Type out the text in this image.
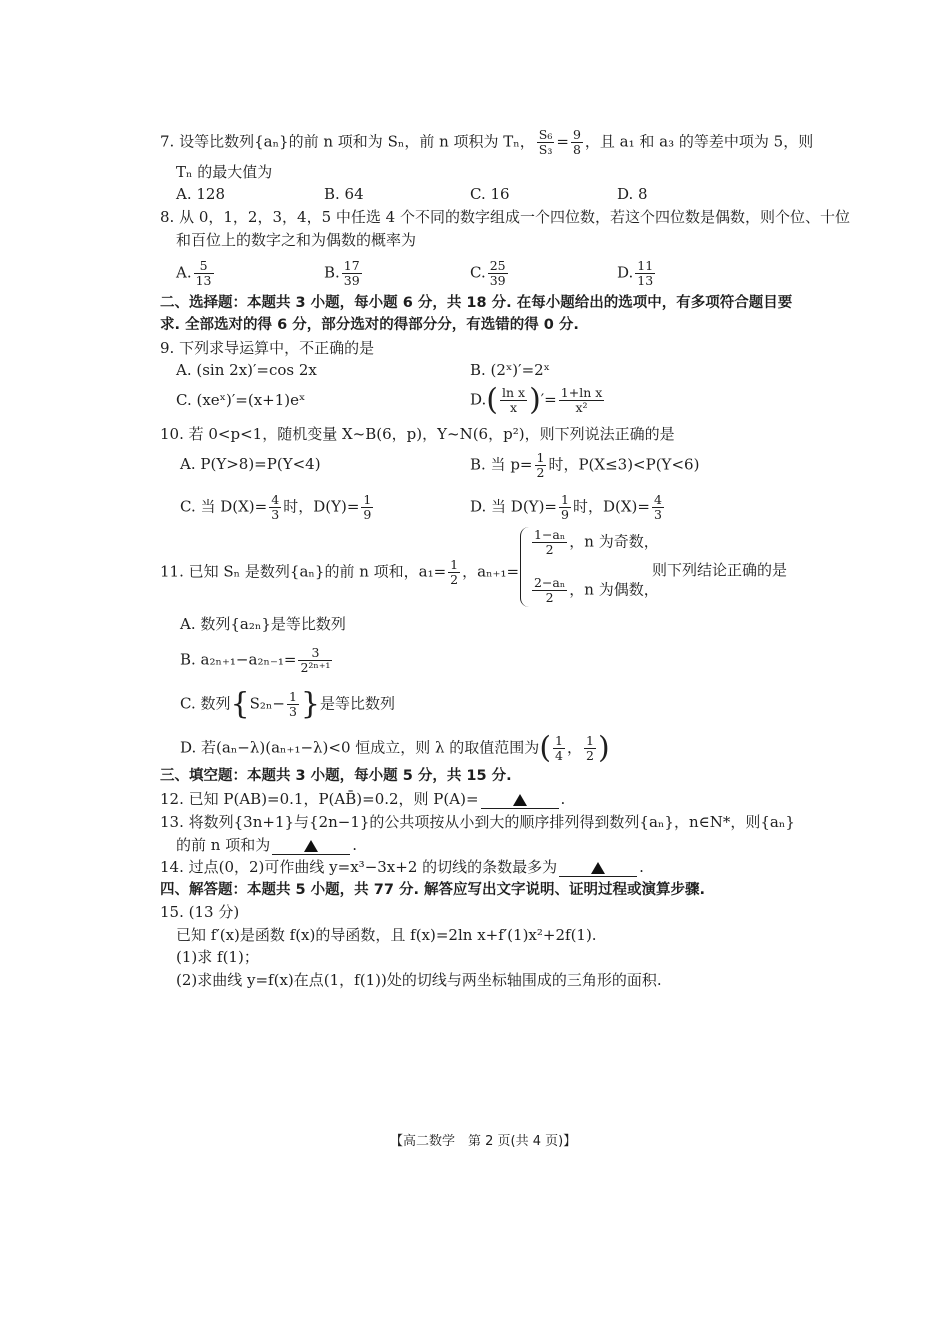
7. 设等比数列{aₙ}的前 n 项和为 Sₙ，前 n 项积为 Tₙ， $\frac{\text{S₆}}{\text{S₃}} = \frac{9}{8}$ ，且 a₁ 和 a₃ 的等差中项为 5，则
Tₙ 的最大值为
A. 128	B. 64	C. 16	D. 8
8. 从 0，1，2，3，4，5 中任选 4 个不同的数字组成一个四位数，若这个四位数是偶数，则个位、十位
和百位上的数字之和为偶数的概率为
A. $\frac{5}{13}$	B. $\frac{17}{39}$	C. $\frac{25}{39}$	D. $\frac{11}{13}$
二、选择题：本题共 3 小题，每小题 6 分，共 18 分. 在每小题给出的选项中，有多项符合题目要
求. 全部选对的得 6 分，部分选对的得部分分，有选错的得 0 分.
9. 下列求导运算中，不正确的是
A. (sin 2x)′=cos 2x	B. (2ˣ)′=2ˣ
C. (xeˣ)′=(x+1)eˣ	$D.( \frac{\text{ln x}}{x}$ )′= $\frac{\text{1+ln x}}{\text{x²}}$
10. 若 0<p<1，随机变量 X~B(6，p)，Y~N(6，p²)，则下列说法正确的是
A. P(Y>8)=P(Y<4)	B. 当 $p= \frac{1}{2}$ 时，P(X≤3)<P(Y<6)
C. 当 $D(X)= \frac{4}{3}$ 时，$D(Y)= \frac{1}{9}$	D. 当 $D(Y)= \frac{1}{9}$ 时，$D(X)= \frac{4}{3}$
11. 已知 Sₙ 是数列{aₙ}的前 n 项和，$a_1= \frac{1}{2}$ ，aₙ₊₁=
$\frac{\text{1−aₙ}}{2}$ ，n 为奇数，
$\frac{\text{2−aₙ}}{2}$ ，n 为偶数，
则下列结论正确的是
A. 数列{a₂ₙ}是等比数列
B. $a_{2n+1}-a_{2n-1}= \frac{3}{\text{2²ⁿ⁺¹}}$
C. 数列{$S_{2n}- \frac{1}{3}$ }是等比数列
D. 若(aₙ−λ)(aₙ₊₁−λ)<0 恒成立，则 λ 的取值范围为( $\frac{1}{4}$ ， $\frac{1}{2}$ )
三、填空题：本题共 3 小题，每小题 5 分，共 15 分.
12. 已知 P(AB)=0.1，P(AB̄)=0.2，则 P(A)=	.
13. 将数列{3n+1}与{2n−1}的公共项按从小到大的顺序排列得到数列{aₙ}，n∈N*，则{aₙ}
的前 n 项和为	.
14. 过点(0，2)可作曲线 y=x³−3x+2 的切线的条数最多为	.
四、解答题：本题共 5 小题，共 77 分. 解答应写出文字说明、证明过程或演算步骤.
15. (13 分)
已知 f′(x)是函数 f(x)的导函数，且 f(x)=2ln x+f′(1)x²+2f(1).
(1)求 f(1)；
(2)求曲线 y=f(x)在点(1，f(1))处的切线与两坐标轴围成的三角形的面积.
【高二数学　第 2 页(共 4 页)】
